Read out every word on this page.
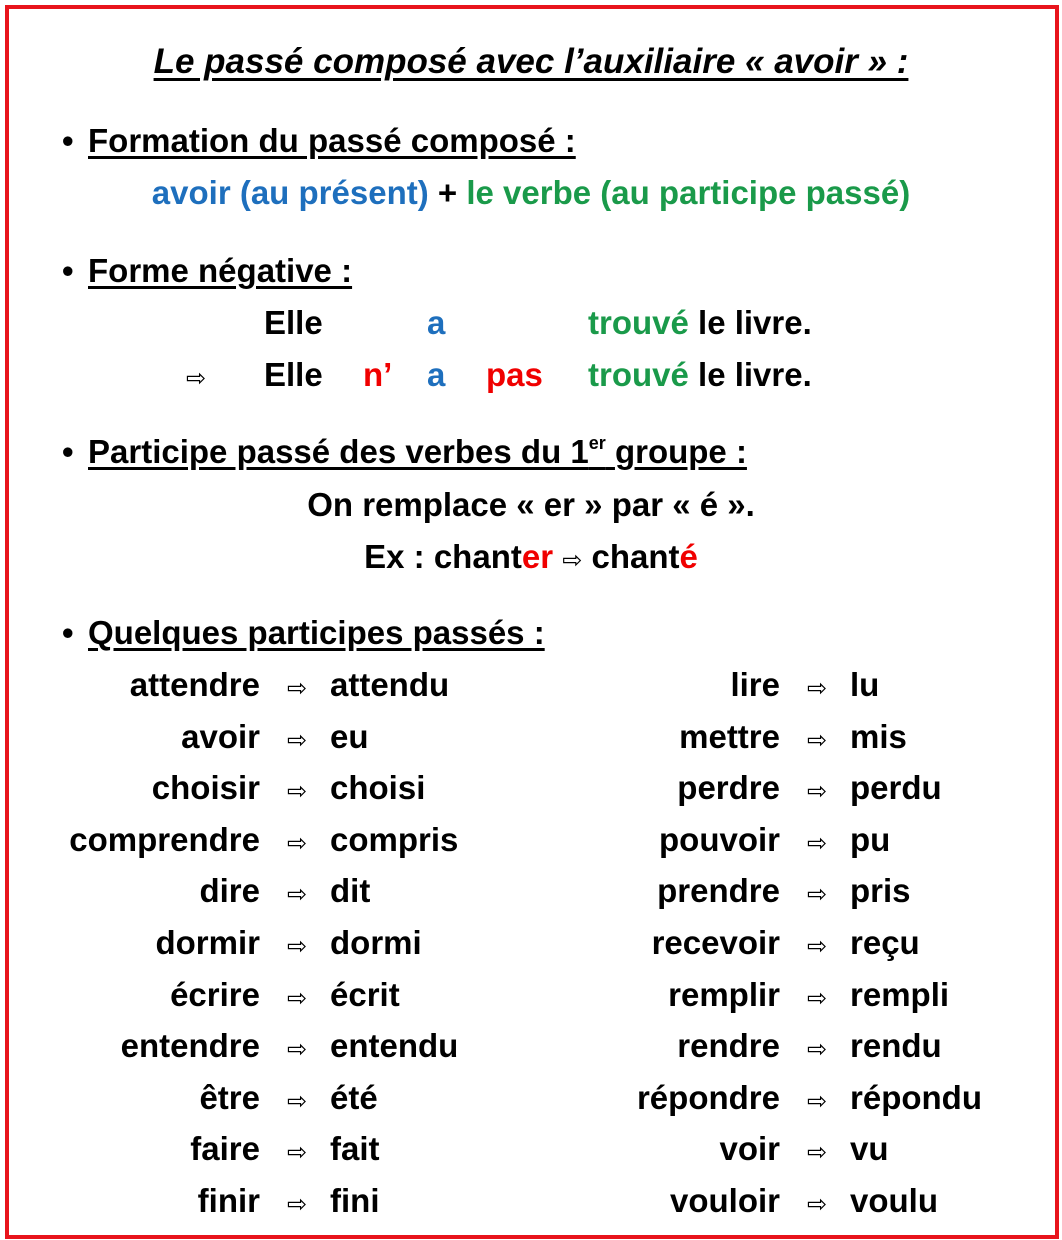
Le passé composé avec l’auxiliaire « avoir » :
• Formation du passé composé :
avoir (au présent) + le verbe (au participe passé)
• Forme négative :
Elle	a	trouvé le livre.
⇨ Elle n’ a pas trouvé le livre.
• Participe passé des verbes du 1er groupe :
On remplace « er » par « é ».
Ex : chanter ⇨ chanté
• Quelques participes passés :
attendre ⇨ attendu
avoir ⇨ eu
choisir ⇨ choisi
comprendre ⇨ compris
dire ⇨ dit
dormir ⇨ dormi
écrire ⇨ écrit
entendre ⇨ entendu
être ⇨ été
faire ⇨ fait
finir ⇨ fini
lire ⇨ lu
mettre ⇨ mis
perdre ⇨ perdu
pouvoir ⇨ pu
prendre ⇨ pris
recevoir ⇨ reçu
remplir ⇨ rempli
rendre ⇨ rendu
répondre ⇨ répondu
voir ⇨ vu
vouloir ⇨ voulu
